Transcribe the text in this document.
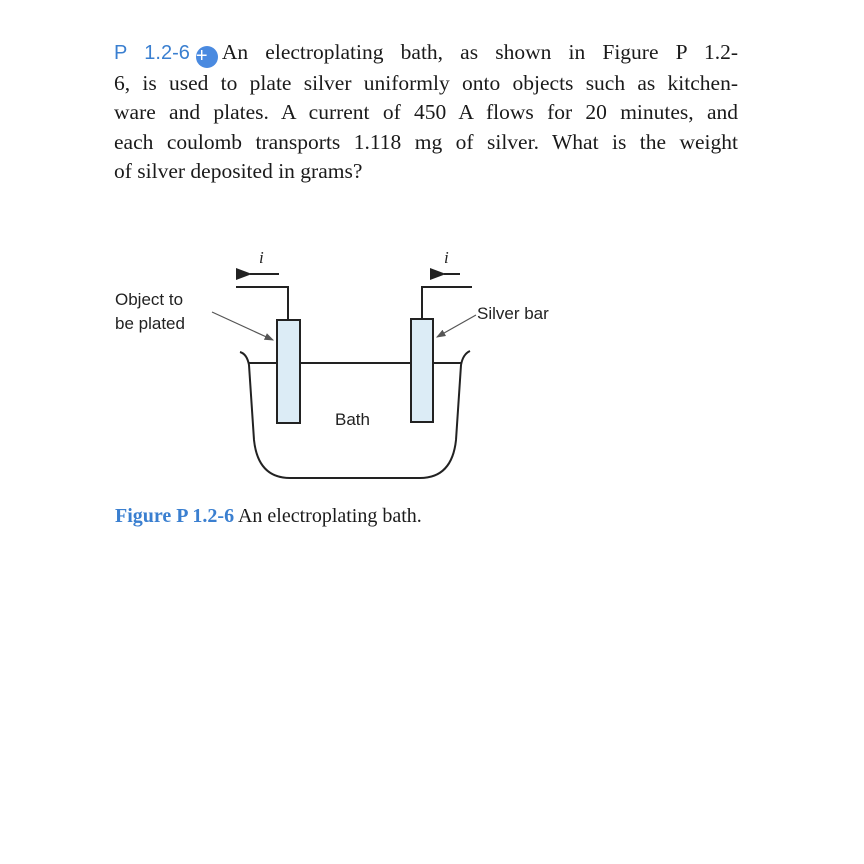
P 1.2-6 + An electroplating bath, as shown in Figure P 1.2-
6, is used to plate silver uniformly onto objects such as kitchen-
ware and plates. A current of 450 A flows for 20 minutes, and
each coulomb transports 1.118 mg of silver. What is the weight
of silver deposited in grams?
i	i
Object to
be plated
Silver bar
Bath
Figure P 1.2-6 An electroplating bath.
